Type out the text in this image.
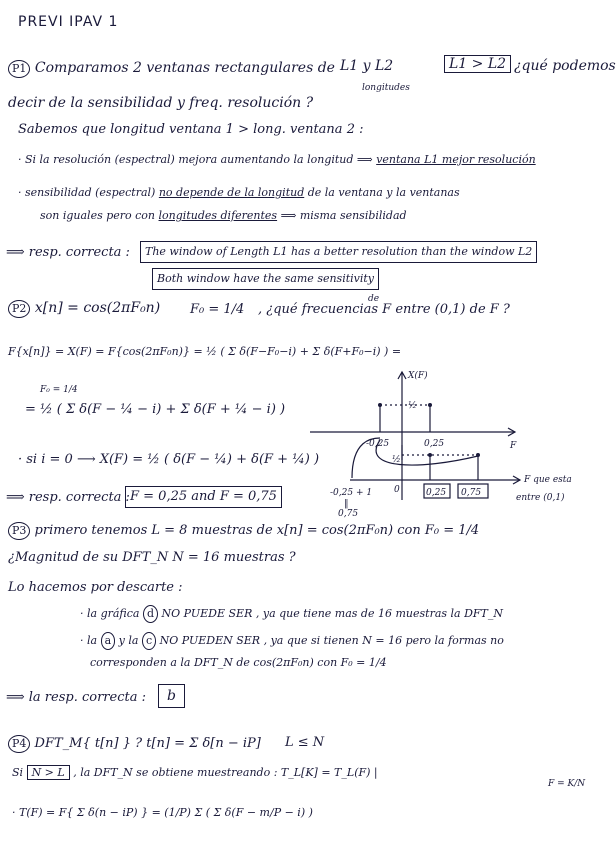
PREVI IPAV 1
P1 Comparamos 2 ventanas rectangulares de L1 y L2
longitudes
L1 > L2 ¿qué podemos
decir de la sensibilidad y freq. resolución ?
Sabemos que longitud ventana 1 > long. ventana 2 :
· Si la resolución (espectral) mejora aumentando la longitud ⟹ ventana L1 mejor resolución
· sensibilidad (espectral) no depende de la longitud de la ventana y la ventanas
son iguales pero con longitudes diferentes ⟹ misma sensibilidad
⟹ resp. correcta :	The window of Length L1 has a better resolution than the window L2
Both window have the same sensitivity
P2 x[n] = cos(2πF₀n) F₀ = 1/4 , ¿qué frecuencias F entre (0,1) de F ?
de
F{x[n]} = X(F) = F{cos(2πF₀n)} = ½ ( Σ δ(F−F₀−i) + Σ δ(F+F₀−i) ) =
F₀ = 1/4
= ½ ( Σ δ(F − ¼ − i) + Σ δ(F + ¼ − i) )
· si i = 0 ⟶ X(F) = ½ ( δ(F − ¼) + δ(F + ¼) )
⟹ resp. correcta : F = 0,25 and F = 0,75
X(F)
½
-0,25	0,25	F
½
0	0,25 0,75
F que esta
entre (0,1)
-0,25 + 1
‖
0,75
P3 primero tenemos L = 8 muestras de x[n] = cos(2πF₀n) con F₀ = 1/4
¿Magnitud de su DFT_N N = 16 muestras ?
Lo hacemos por descarte :
· la gráfica d NO PUEDE SER , ya que tiene mas de 16 muestras la DFT_N
· la a y la c NO PUEDEN SER , ya que si tienen N = 16 pero la formas no
corresponden a la DFT_N de cos(2πF₀n) con F₀ = 1/4
⟹ la resp. correcta :	b
P4 DFT_M{ t[n] } ? t[n] = Σ δ[n − iP] L ≤ N
Si N > L , la DFT_N se obtiene muestreando : T_L[K] = T_L(F) |
F = K/N
· T(F) = F{ Σ δ(n − iP) } = (1/P) Σ ( Σ δ(F − m/P − i) )
